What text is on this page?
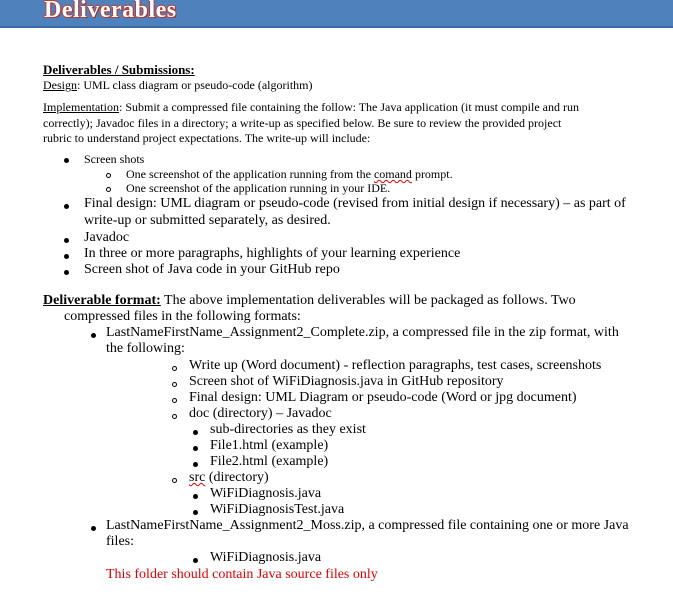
Deliverables
Deliverables / Submissions:
Design: UML class diagram or pseudo-code (algorithm)
Implementation: Submit a compressed file containing the follow: The Java application (it must compile and run
correctly); Javadoc files in a directory; a write-up as specified below. Be sure to review the provided project
rubric to understand project expectations. The write-up will include:
Screen shots
One screenshot of the application running from the comand prompt.
One screenshot of the application running in your IDE.
Final design: UML diagram or pseudo-code (revised from initial design if necessary) – as part of
write-up or submitted separately, as desired.
Javadoc
In three or more paragraphs, highlights of your learning experience
Screen shot of Java code in your GitHub repo
Deliverable format: The above implementation deliverables will be packaged as follows. Two
compressed files in the following formats:
LastNameFirstName_Assignment2_Complete.zip, a compressed file in the zip format, with
the following:
Write up (Word document) - reflection paragraphs, test cases, screenshots
Screen shot of WiFiDiagnosis.java in GitHub repository
Final design: UML Diagram or pseudo-code (Word or jpg document)
doc (directory) – Javadoc
sub-directories as they exist
File1.html (example)
File2.html (example)
src (directory)
WiFiDiagnosis.java
WiFiDiagnosisTest.java
LastNameFirstName_Assignment2_Moss.zip, a compressed file containing one or more Java
files:
WiFiDiagnosis.java
This folder should contain Java source files only
